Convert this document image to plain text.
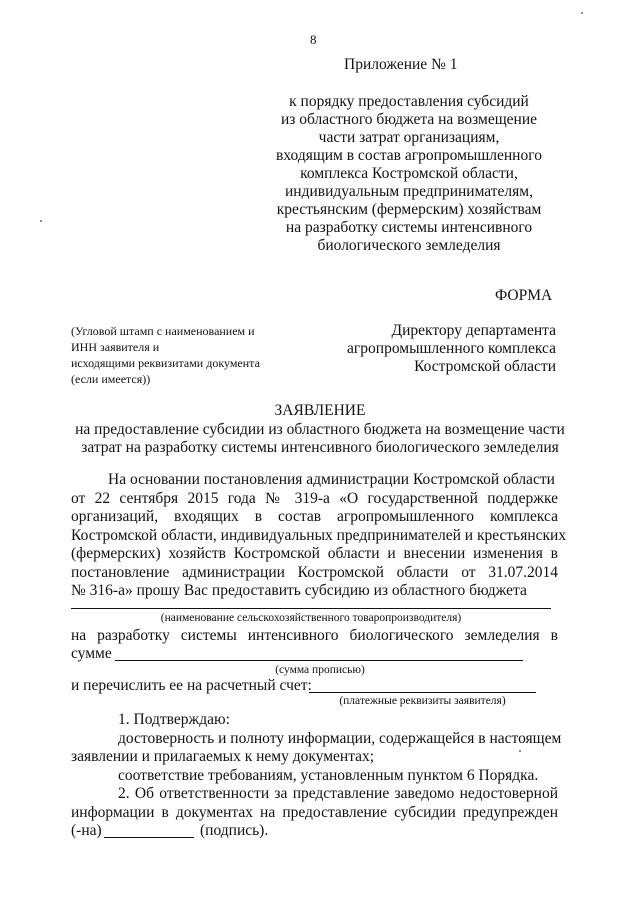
8
Приложение № 1
к порядку предоставления субсидий
из областного бюджета на возмещение
части затрат организациям,
входящим в состав агропромышленного
комплекса Костромской области,
индивидуальным предпринимателям,
крестьянским (фермерским) хозяйствам
на разработку системы интенсивного
биологического земледелия
ФОРМА
(Угловой штамп с наименованием и
ИНН заявителя и
исходящими реквизитами документа
(если имеется))
Директору департамента
агропромышленного комплекса
Костромской области
ЗАЯВЛЕНИЕ
на предоставление субсидии из областного бюджета на возмещение части
затрат на разработку системы интенсивного биологического земледелия
На основании постановления администрации Костромской области
от 22 сентября 2015 года № 319-а «О государственной поддержке
организаций, входящих в состав агропромышленного комплекса
Костромской области, индивидуальных предпринимателей и крестьянских
(фермерских) хозяйств Костромской области и внесении изменения в
постановление администрации Костромской области от 31.07.2014
№ 316-а» прошу Вас предоставить субсидию из областного бюджета
(наименование сельскохозяйственного товаропроизводителя)
на разработку системы интенсивного биологического земледелия в
сумме
(сумма прописью)
и перечислить ее на расчетный счет:
(платежные реквизиты заявителя)
1. Подтверждаю:
достоверность и полноту информации, содержащейся в настоящем
заявлении и прилагаемых к нему документах;
соответствие требованиям, установленным пунктом 6 Порядка.
2. Об ответственности за представление заведомо недостоверной
информации в документах на предоставление субсидии предупрежден
(-на)	(подпись).
